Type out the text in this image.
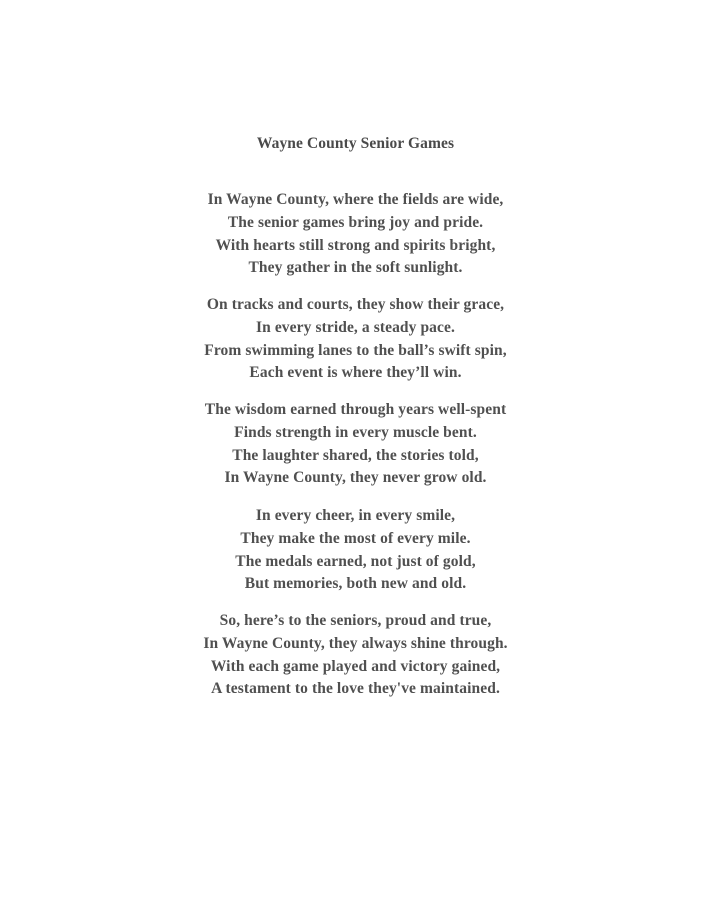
Wayne County Senior Games
In Wayne County, where the fields are wide,
The senior games bring joy and pride.
With hearts still strong and spirits bright,
They gather in the soft sunlight.
On tracks and courts, they show their grace,
In every stride, a steady pace.
From swimming lanes to the ball’s swift spin,
Each event is where they’ll win.
The wisdom earned through years well-spent
Finds strength in every muscle bent.
The laughter shared, the stories told,
In Wayne County, they never grow old.
In every cheer, in every smile,
They make the most of every mile.
The medals earned, not just of gold,
But memories, both new and old.
So, here’s to the seniors, proud and true,
In Wayne County, they always shine through.
With each game played and victory gained,
A testament to the love they've maintained.
